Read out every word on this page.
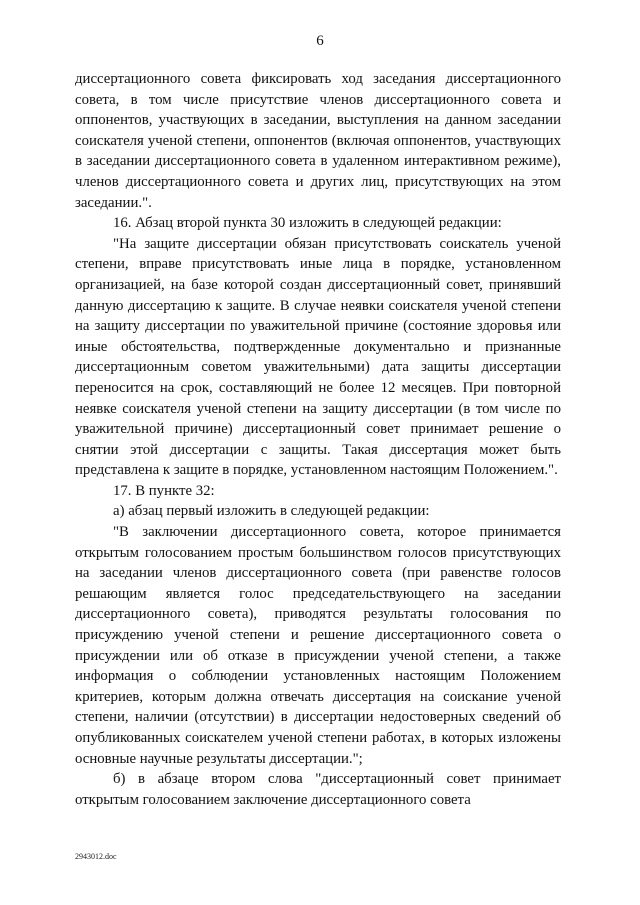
6

диссертационного совета фиксировать ход заседания диссертационного совета, в том числе присутствие членов диссертационного совета и оппонентов, участвующих в заседании, выступления на данном заседании соискателя ученой степени, оппонентов (включая оппонентов, участвующих в заседании диссертационного совета в удаленном интерактивном режиме), членов диссертационного совета и других лиц, присутствующих на этом заседании.".

16. Абзац второй пункта 30 изложить в следующей редакции:

"На защите диссертации обязан присутствовать соискатель ученой степени, вправе присутствовать иные лица в порядке, установленном организацией, на базе которой создан диссертационный совет, принявший данную диссертацию к защите. В случае неявки соискателя ученой степени на защиту диссертации по уважительной причине (состояние здоровья или иные обстоятельства, подтвержденные документально и признанные диссертационным советом уважительными) дата защиты диссертации переносится на срок, составляющий не более 12 месяцев. При повторной неявке соискателя ученой степени на защиту диссертации (в том числе по уважительной причине) диссертационный совет принимает решение о снятии этой диссертации с защиты. Такая диссертация может быть представлена к защите в порядке, установленном настоящим Положением.".

17. В пункте 32:

а) абзац первый изложить в следующей редакции:

"В заключении диссертационного совета, которое принимается открытым голосованием простым большинством голосов присутствующих на заседании членов диссертационного совета (при равенстве голосов решающим является голос председательствующего на заседании диссертационного совета), приводятся результаты голосования по присуждению ученой степени и решение диссертационного совета о присуждении или об отказе в присуждении ученой степени, а также информация о соблюдении установленных настоящим Положением критериев, которым должна отвечать диссертация на соискание ученой степени, наличии (отсутствии) в диссертации недостоверных сведений об опубликованных соискателем ученой степени работах, в которых изложены основные научные результаты диссертации.";

б) в абзаце втором слова "диссертационный совет принимает открытым голосованием заключение диссертационного совета

2943012.doc
